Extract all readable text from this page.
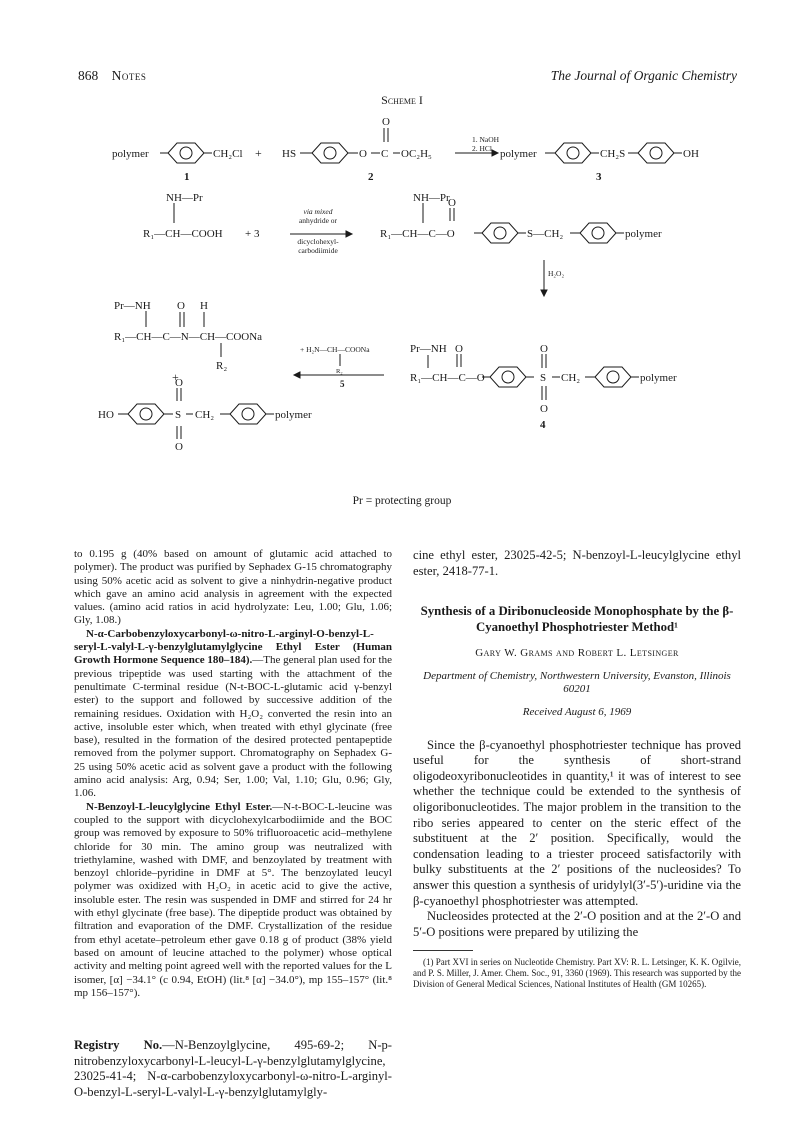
868 Notes	The Journal of Organic Chemistry
Scheme I
polymer	CH₂Cl + HS
O
O C OC₂H₅
1. NaOH
2. HCl polymer	CH₂S	OH
1	2	3
NH—Pr
R₁—CH—COOH + 3
via mixed
anhydride or
dicyclohexyl-
carbodiimide
NH—Pr
O
R₁—CH—C—O	S—CH₂	polymer
H₂O₂
Pr—NH O H
R₁—CH—C—N—CH—COONa
R₂
+
O
HO	S CH₂	polymer
O
+ H₂N—CH—COONa
R₂
5
Pr—NH O	O
R₁—CH—C—O	S CH₂	polymer
O
4
Pr = protecting group

to 0.195 g (40% based on amount of glutamic acid attached to polymer). The product was purified by Sephadex G-15 chromatography using 50% acetic acid as solvent to give a ninhydrin-negative product which gave an amino acid analysis in agreement with the expected values. (amino acid ratios in acid hydrolyzate: Leu, 1.00; Glu, 1.06; Gly, 1.08.)

N-α-Carbobenzyloxycarbonyl-ω-nitro-L-arginyl-O-benzyl-L-seryl-L-valyl-L-γ-benzylglutamylglycine Ethyl Ester (Human Growth Hormone Sequence 180–184).—The general plan used for the previous tripeptide was used starting with the attachment of the penultimate C-terminal residue (N-t-BOC-L-glutamic acid γ-benzyl ester) to the support and followed by successive addition of the remaining residues. Oxidation with H₂O₂ converted the resin into an active, insoluble ester which, when treated with ethyl glycinate (free base), resulted in the formation of the desired protected pentapeptide removed from the polymer support. Chromatography on Sephadex G-25 using 50% acetic acid as solvent gave a product with the following amino acid analysis: Arg, 0.94; Ser, 1.00; Val, 1.10; Glu, 0.96; Gly, 1.06.

N-Benzoyl-L-leucylglycine Ethyl Ester.—N-t-BOC-L-leucine was coupled to the support with dicyclohexylcarbodiimide and the BOC group was removed by exposure to 50% trifluoroacetic acid–methylene chloride for 30 min. The amino group was neutralized with triethylamine, washed with DMF, and benzoylated by treatment with benzoyl chloride–pyridine in DMF at 5°. The benzoylated leucyl polymer was oxidized with H₂O₂ in acetic acid to give the active, insoluble ester. The resin was suspended in DMF and stirred for 24 hr with ethyl glycinate (free base). The dipeptide product was obtained by filtration and evaporation of the DMF. Crystallization of the residue from ethyl acetate–petroleum ether gave 0.18 g of product (38% yield based on amount of leucine attached to the polymer) whose optical activity and melting point agreed well with the reported values for the L isomer, [α] −34.1° (c 0.94, EtOH) (lit.⁸ [α] −34.0°), mp 155–157° (lit.⁸ mp 156–157°).

Registry No.—N-Benzoylglycine, 495-69-2; N-p-nitrobenzyloxycarbonyl-L-leucyl-L-γ-benzylglutamylglycine, 23025-41-4; N-α-carbobenzyloxycarbonyl-ω-nitro-L-arginyl-O-benzyl-L-seryl-L-valyl-L-γ-benzylglutamylgly-

cine ethyl ester, 23025-42-5; N-benzoyl-L-leucylglycine ethyl ester, 2418-77-1.

Synthesis of a Diribonucleoside Monophosphate by the β-Cyanoethyl Phosphotriester Method¹
Gary W. Grams and Robert L. Letsinger
Department of Chemistry, Northwestern University, Evanston, Illinois 60201
Received August 6, 1969

Since the β-cyanoethyl phosphotriester technique has proved useful for the synthesis of short-strand oligodeoxyribonucleotides in quantity,¹ it was of interest to see whether the technique could be extended to the synthesis of oligoribonucleotides. The major problem in the transition to the ribo series appeared to center on the steric effect of the substituent at the 2′ position. Specifically, would the condensation leading to a triester proceed satisfactorily with bulky substituents at the 2′ positions of the nucleosides? To answer this question a synthesis of uridylyl(3′-5′)-uridine via the β-cyanoethyl phosphotriester was attempted.

Nucleosides protected at the 2′-O position and at the 2′-O and 5′-O positions were prepared by utilizing the

(1) Part XVI in series on Nucleotide Chemistry. Part XV: R. L. Letsinger, K. K. Ogilvie, and P. S. Miller, J. Amer. Chem. Soc., 91, 3360 (1969). This research was supported by the Division of General Medical Sciences, National Institutes of Health (GM 10265).
